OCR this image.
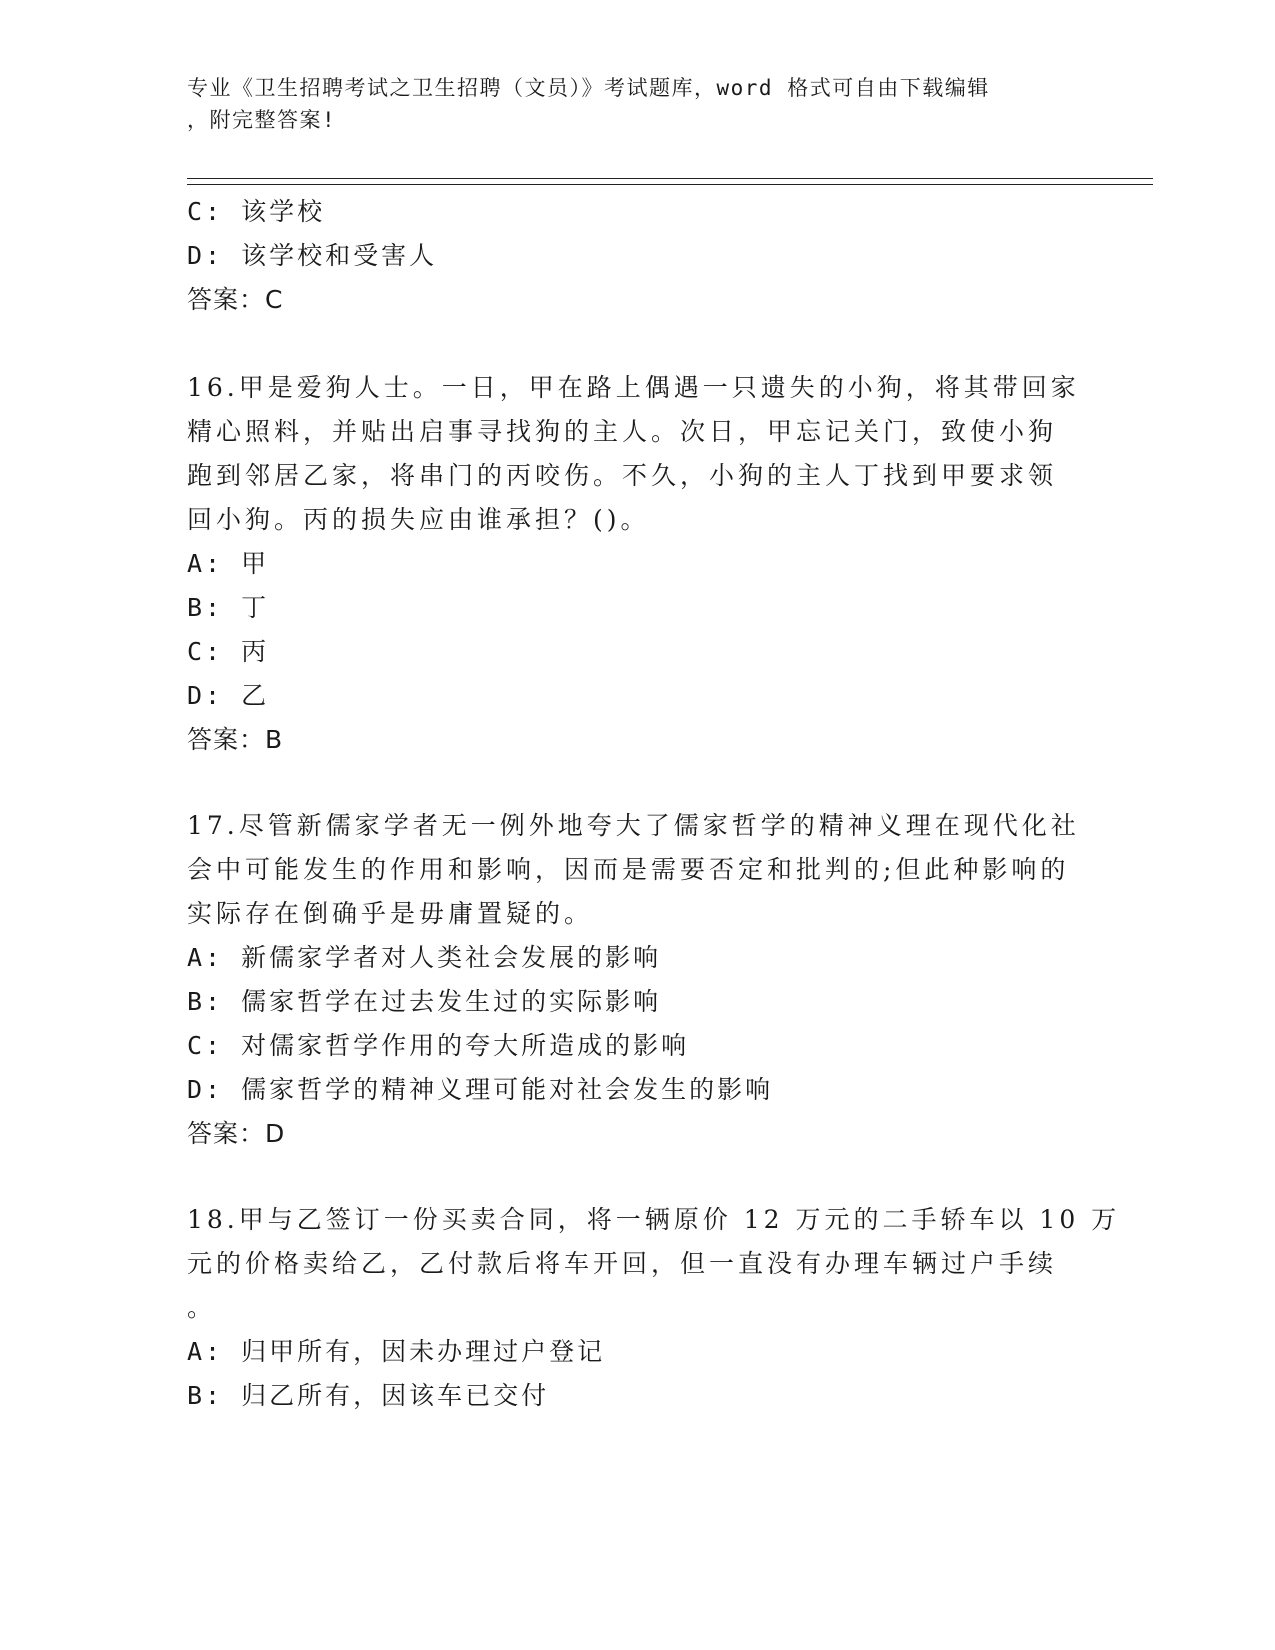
专业《卫生招聘考试之卫生招聘（文员）》考试题库，word 格式可自由下载编辑
，附完整答案!
C: 该学校
D: 该学校和受害人
答案：C
16.甲是爱狗人士。一日，甲在路上偶遇一只遗失的小狗，将其带回家
精心照料，并贴出启事寻找狗的主人。次日，甲忘记关门，致使小狗
跑到邻居乙家，将串门的丙咬伤。不久，小狗的主人丁找到甲要求领
回小狗。丙的损失应由谁承担？()。
A: 甲
B: 丁
C: 丙
D: 乙
答案：B
17.尽管新儒家学者无一例外地夸大了儒家哲学的精神义理在现代化社
会中可能发生的作用和影响，因而是需要否定和批判的;但此种影响的
实际存在倒确乎是毋庸置疑的。
A: 新儒家学者对人类社会发展的影响
B: 儒家哲学在过去发生过的实际影响
C: 对儒家哲学作用的夸大所造成的影响
D: 儒家哲学的精神义理可能对社会发生的影响
答案：D
18.甲与乙签订一份买卖合同，将一辆原价 12 万元的二手轿车以 10 万
元的价格卖给乙，乙付款后将车开回，但一直没有办理车辆过户手续
。
A: 归甲所有，因未办理过户登记
B: 归乙所有，因该车已交付
